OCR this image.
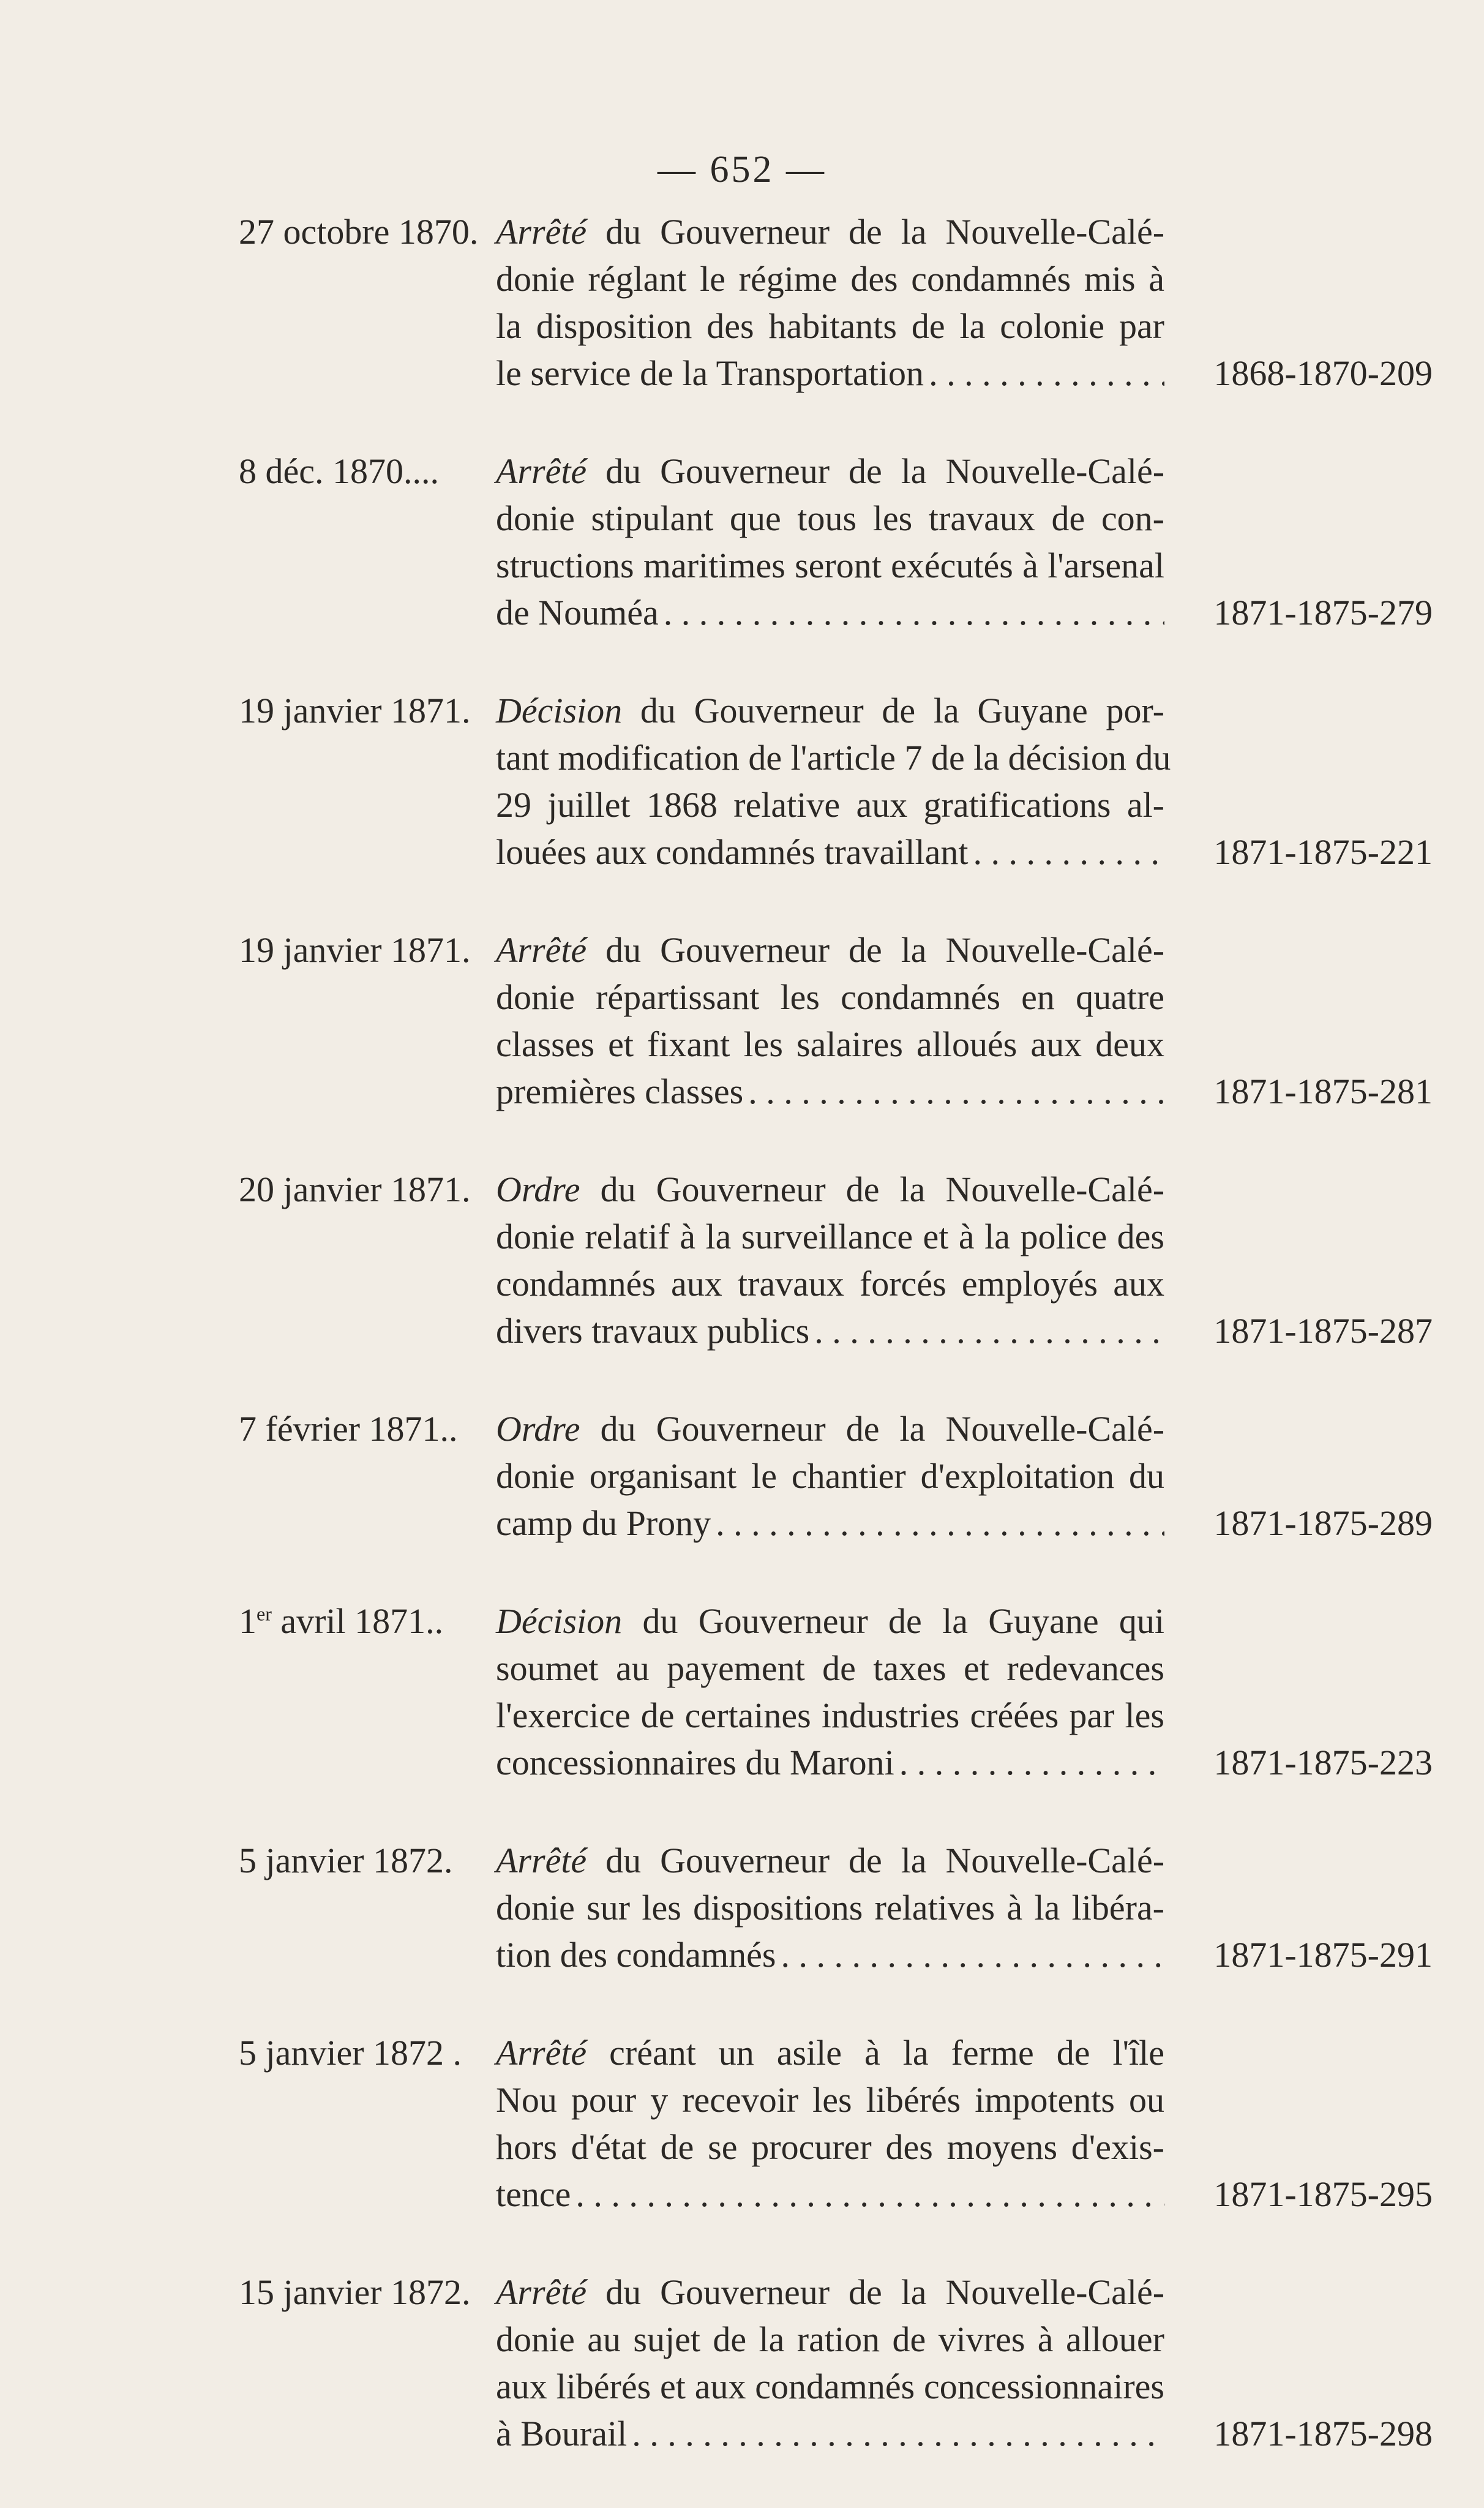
— 652 —
27 octobre 1870. Arrêté du Gouverneur de la Nouvelle-Calé-
donie réglant le régime des condamnés mis à
la disposition des habitants de la colonie par
le service de la Transportation . . .	1868-1870-209
8 déc. 1870....	Arrêté du Gouverneur de la Nouvelle-Calé-
donie stipulant que tous les travaux de con-
structions maritimes seront exécutés à l'arsenal
de Nouméa . . .	1871-1875-279
19 janvier 1871. Décision du Gouverneur de la Guyane por-
tant modification de l'article 7 de la décision du
29 juillet 1868 relative aux gratifications al-
louées aux condamnés travaillant . . .	1871-1875-221
19 janvier 1871. Arrêté du Gouverneur de la Nouvelle-Calé-
donie répartissant les condamnés en quatre
classes et fixant les salaires alloués aux deux
premières classes . . .	1871-1875-281
20 janvier 1871. Ordre du Gouverneur de la Nouvelle-Calé-
donie relatif à la surveillance et à la police des
condamnés aux travaux forcés employés aux
divers travaux publics . . .	1871-1875-287
7 février 1871..	Ordre du Gouverneur de la Nouvelle-Calé-
donie organisant le chantier d'exploitation du
camp du Prony . . .	1871-1875-289
1er avril 1871..	Décision du Gouverneur de la Guyane qui
soumet au payement de taxes et redevances
l'exercice de certaines industries créées par les
concessionnaires du Maroni . . .	1871-1875-223
5 janvier 1872.	Arrêté du Gouverneur de la Nouvelle-Calé-
donie sur les dispositions relatives à la libéra-
tion des condamnés . . .	1871-1875-291
5 janvier 1872 . Arrêté créant un asile à la ferme de l'île
Nou pour y recevoir les libérés impotents ou
hors d'état de se procurer des moyens d'exis-
tence . . .	1871-1875-295
15 janvier 1872. Arrêté du Gouverneur de la Nouvelle-Calé-
donie au sujet de la ration de vivres à allouer
aux libérés et aux condamnés concessionnaires
à Bourail . . .	1871-1875-298
